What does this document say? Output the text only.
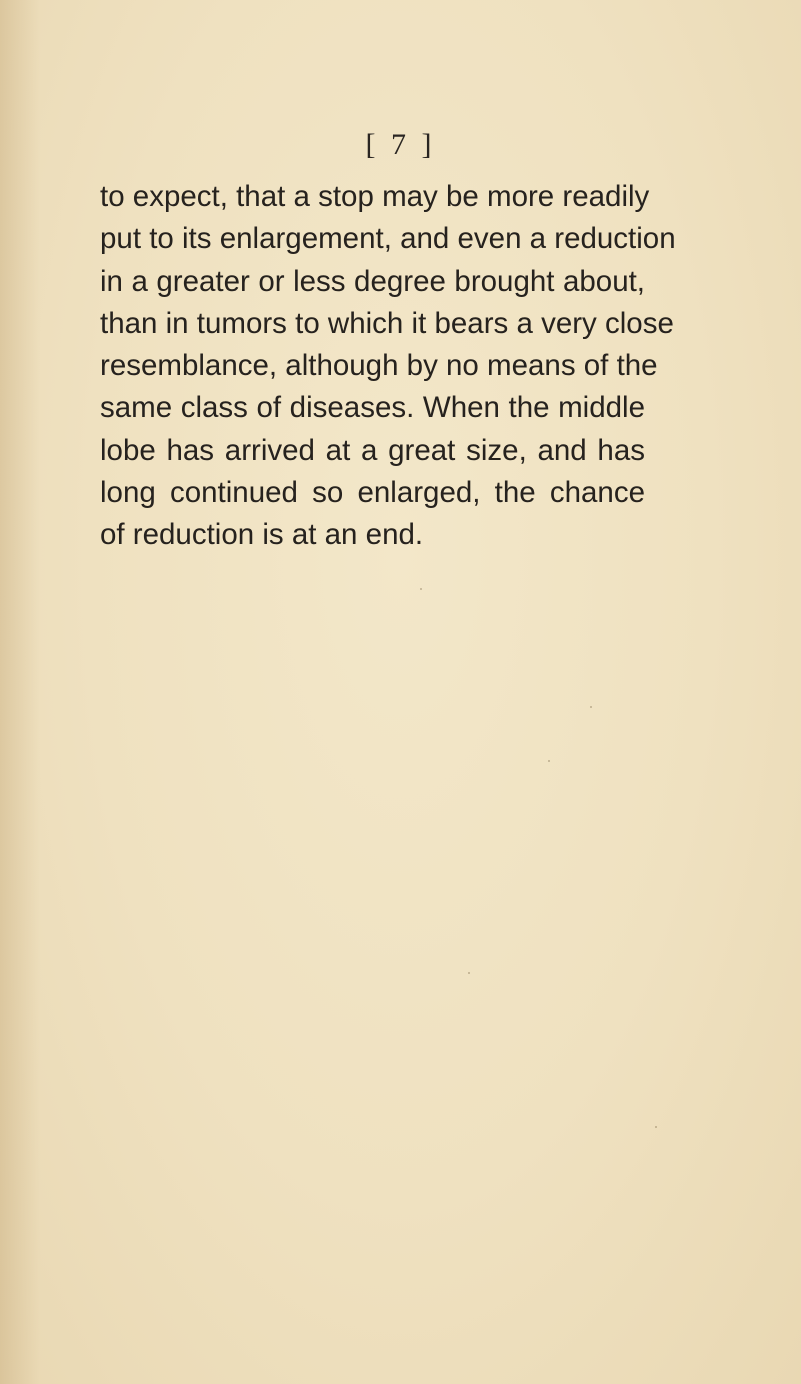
[ 7 ]
to expect, that a stop may be more readily
put to its enlargement, and even a reduction
in a greater or less degree brought about,
than in tumors to which it bears a very close
resemblance, although by no means of the
same class of diseases. When the middle
lobe has arrived at a great size, and has
long continued so enlarged, the chance
of reduction is at an end.
